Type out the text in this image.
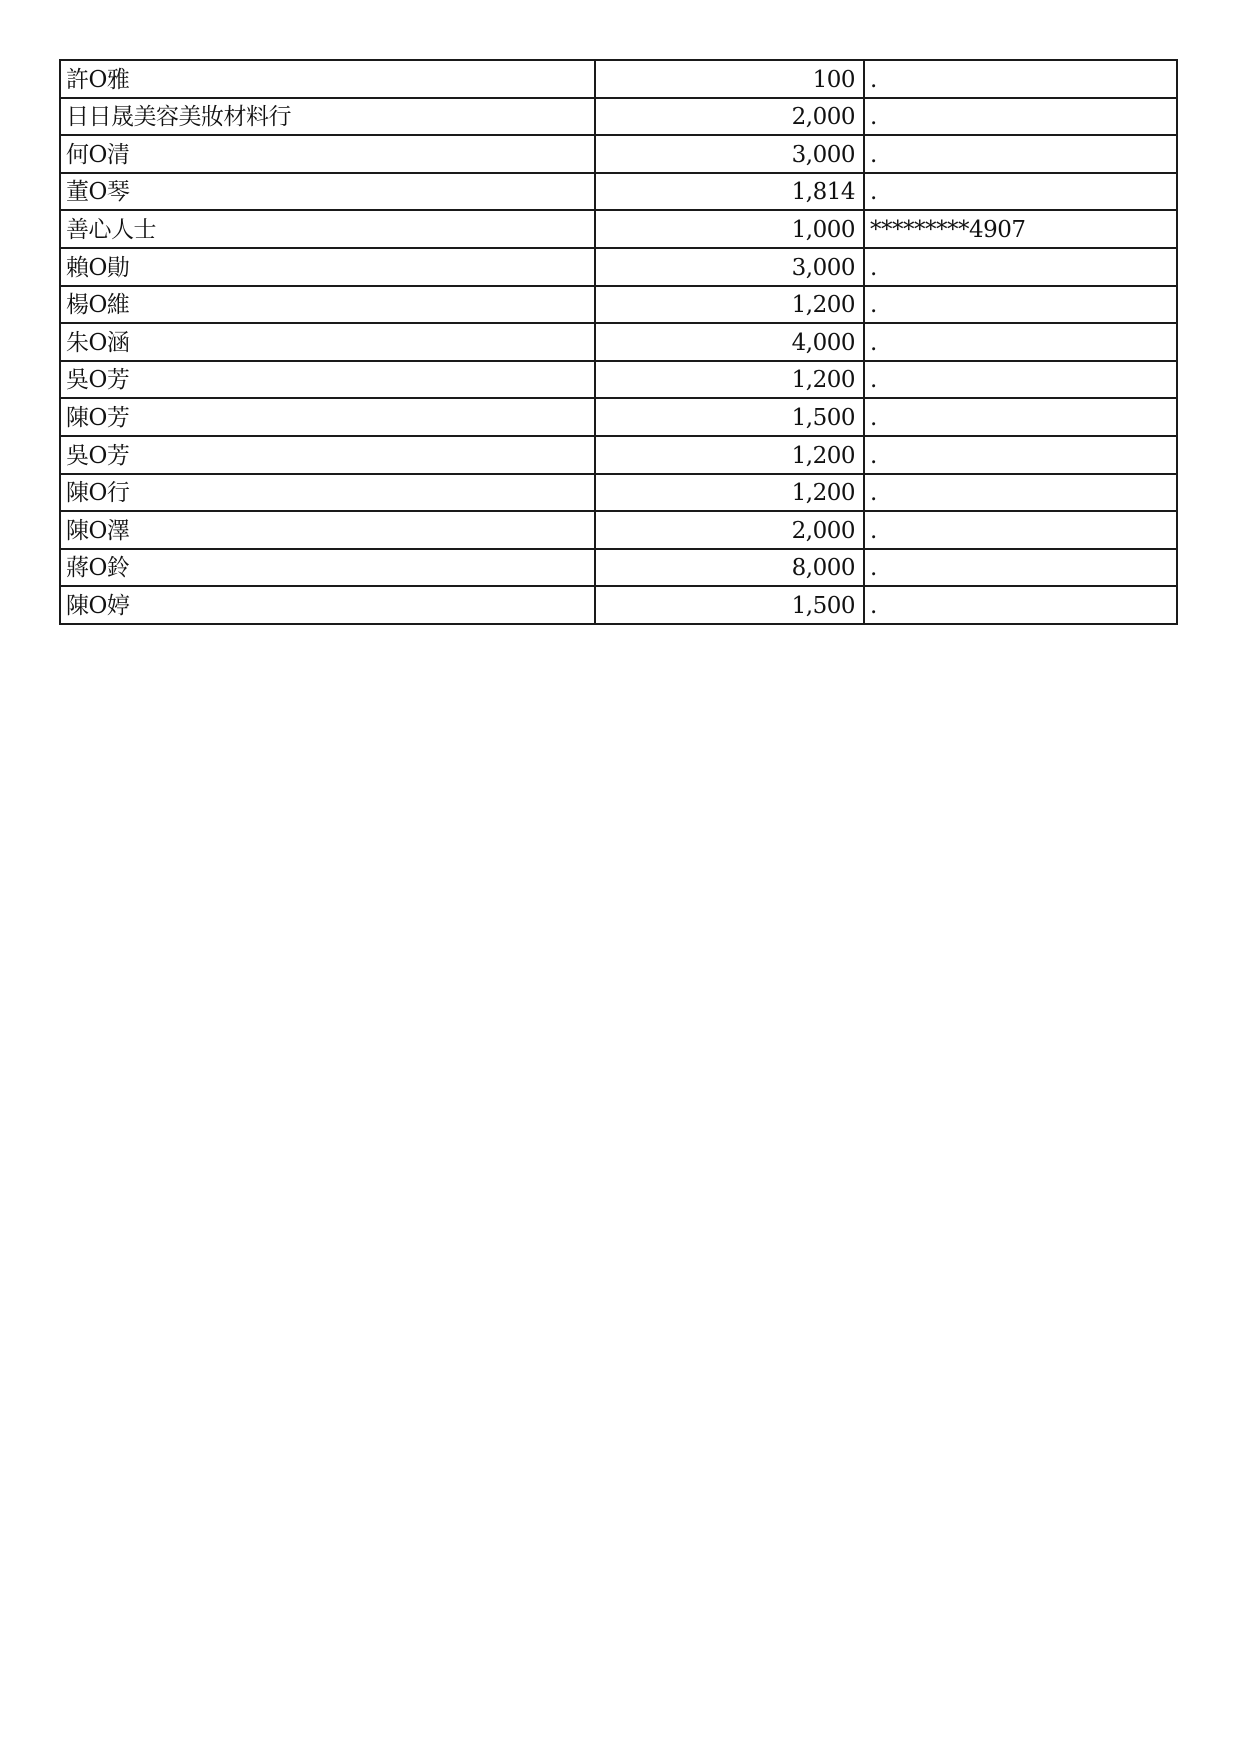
許O雅	100	.
日日晟美容美妝材料行	2,000	.
何O清	3,000	.
董O琴	1,814	.
善心人士	1,000	*********4907
賴O勛	3,000	.
楊O維	1,200	.
朱O涵	4,000	.
吳O芳	1,200	.
陳O芳	1,500	.
吳O芳	1,200	.
陳O行	1,200	.
陳O澤	2,000	.
蔣O鈴	8,000	.
陳O婷	1,500	.
